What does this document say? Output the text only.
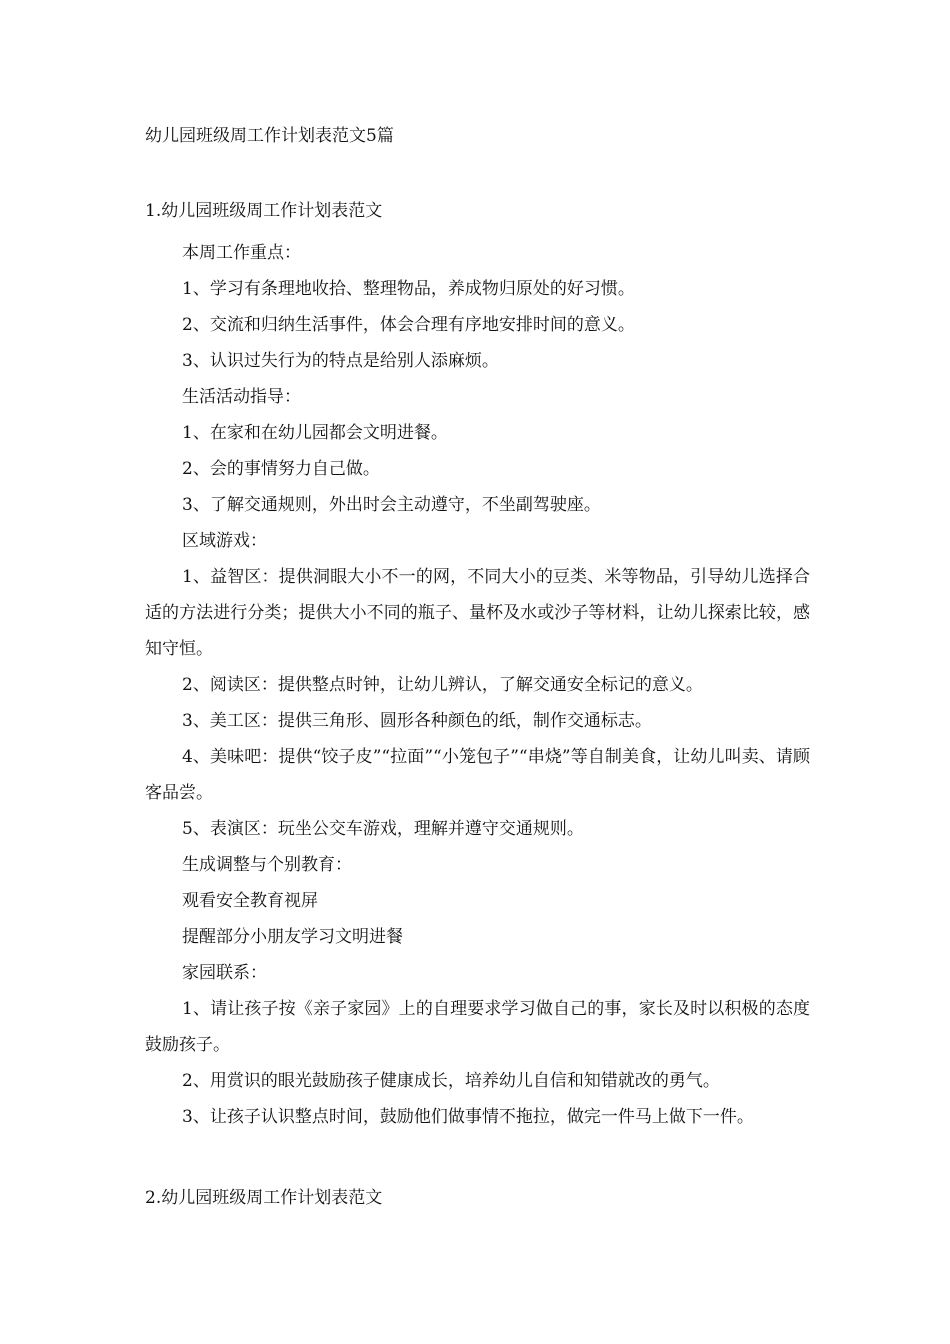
幼儿园班级周工作计划表范文5篇
1.幼儿园班级周工作计划表范文

本周工作重点：

1、学习有条理地收拾、整理物品，养成物归原处的好习惯。

2、交流和归纳生活事件，体会合理有序地安排时间的意义。

3、认识过失行为的特点是给别人添麻烦。

生活活动指导：

1、在家和在幼儿园都会文明进餐。

2、会的事情努力自己做。

3、了解交通规则，外出时会主动遵守，不坐副驾驶座。

区域游戏：

1、益智区：提供洞眼大小不一的网，不同大小的豆类、米等物品，引导幼儿选择合适的方法进行分类；提供大小不同的瓶子、量杯及水或沙子等材料，让幼儿探索比较，感知守恒。

2、阅读区：提供整点时钟，让幼儿辨认，了解交通安全标记的意义。

3、美工区：提供三角形、圆形各种颜色的纸，制作交通标志。

4、美味吧：提供“饺子皮”“拉面”“小笼包子”“串烧”等自制美食，让幼儿叫卖、请顾客品尝。

5、表演区：玩坐公交车游戏，理解并遵守交通规则。

生成调整与个别教育：

观看安全教育视屏

提醒部分小朋友学习文明进餐

家园联系：

1、请让孩子按《亲子家园》上的自理要求学习做自己的事，家长及时以积极的态度鼓励孩子。

2、用赏识的眼光鼓励孩子健康成长，培养幼儿自信和知错就改的勇气。

3、让孩子认识整点时间，鼓励他们做事情不拖拉，做完一件马上做下一件。

2.幼儿园班级周工作计划表范文
